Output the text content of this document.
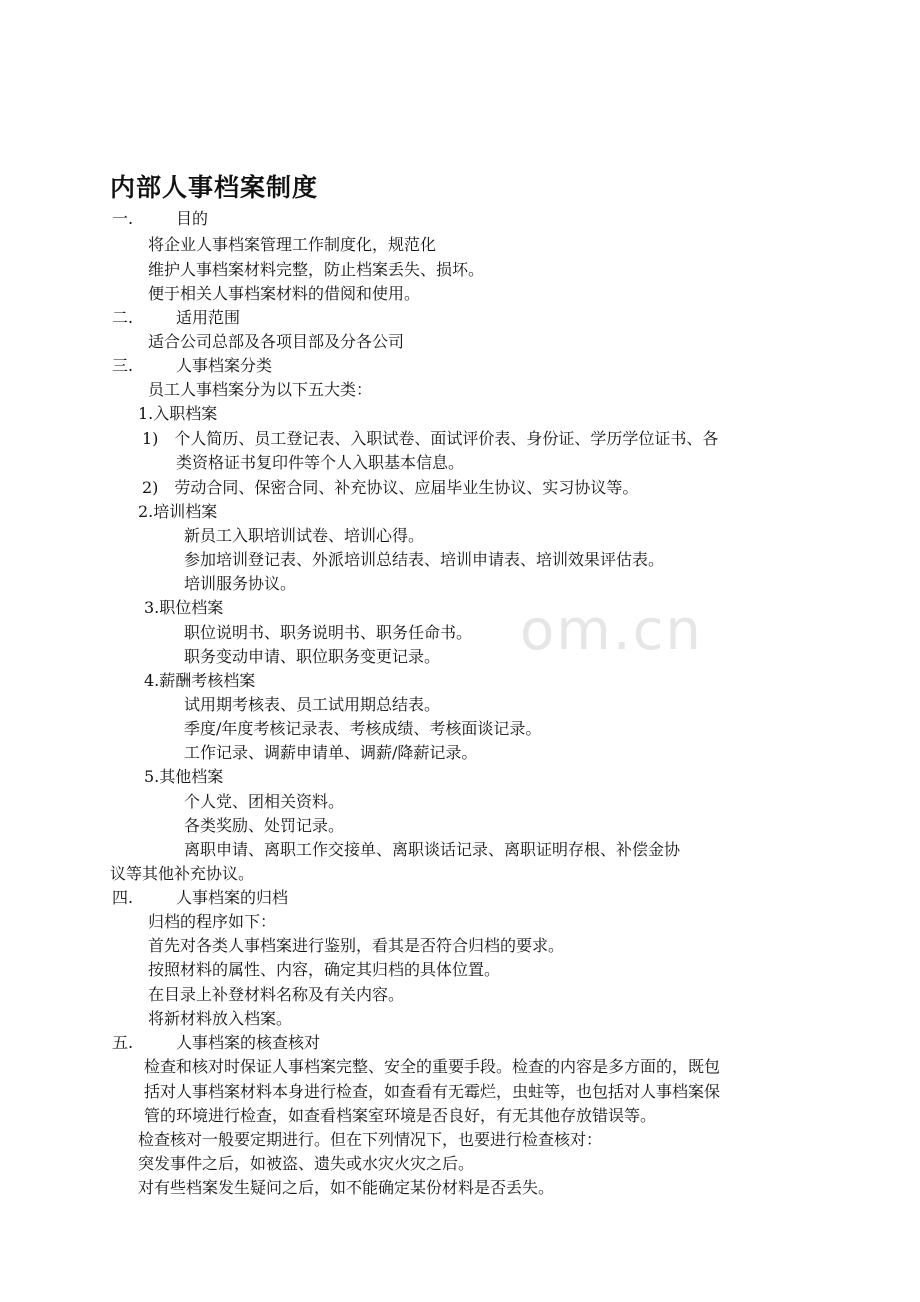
om.cn
内部人事档案制度
一.	目的
将企业人事档案管理工作制度化，规范化
维护人事档案材料完整，防止档案丢失、损坏。
便于相关人事档案材料的借阅和使用。
二.	适用范围
适合公司总部及各项目部及分各公司
三.	人事档案分类
员工人事档案分为以下五大类：
1.入职档案
1)　个人简历、员工登记表、入职试卷、面试评价表、身份证、学历学位证书、各
类资格证书复印件等个人入职基本信息。
2)　劳动合同、保密合同、补充协议、应届毕业生协议、实习协议等。
2.培训档案
新员工入职培训试卷、培训心得。
参加培训登记表、外派培训总结表、培训申请表、培训效果评估表。
培训服务协议。
3.职位档案
职位说明书、职务说明书、职务任命书。
职务变动申请、职位职务变更记录。
4.薪酬考核档案
试用期考核表、员工试用期总结表。
季度/年度考核记录表、考核成绩、考核面谈记录。
工作记录、调薪申请单、调薪/降薪记录。
5.其他档案
个人党、团相关资料。
各类奖励、处罚记录。
离职申请、离职工作交接单、离职谈话记录、离职证明存根、补偿金协
议等其他补充协议。
四.	人事档案的归档
归档的程序如下：
首先对各类人事档案进行鉴别，看其是否符合归档的要求。
按照材料的属性、内容，确定其归档的具体位置。
在目录上补登材料名称及有关内容。
将新材料放入档案。
五.	人事档案的核查核对
检查和核对时保证人事档案完整、安全的重要手段。检查的内容是多方面的，既包
括对人事档案材料本身进行检查，如查看有无霉烂，虫蛀等，也包括对人事档案保
管的环境进行检查，如查看档案室环境是否良好，有无其他存放错误等。
检查核对一般要定期进行。但在下列情况下，也要进行检查核对：
突发事件之后，如被盗、遗失或水灾火灾之后。
对有些档案发生疑问之后，如不能确定某份材料是否丢失。
